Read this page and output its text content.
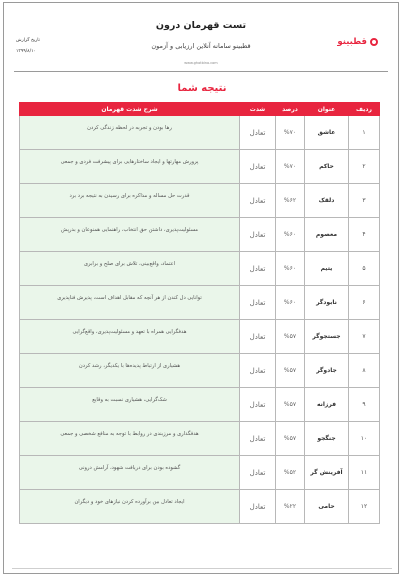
تست قهرمان درون
قطبینو سامانه آنلاین ارزیابی و آزمون
www.ghotbino.com
قطبینو
تاریخ گزارش
۱۳۹۹/۸/۱۰
نتیجه شما
ردیف	عنوان	درصد	شدت	شرح شدت قهرمان
۱	عاشق	%۷۰	تعادل	رها بودن و تجربه در لحظه زندگی کردن

۲	حاکم	%۷۰	تعادل	پرورش مهارتها و ایجاد ساختارهایی برای پیشرفت فردی و جمعی

۳	دلقک	%۶۲	تعادل	قدرت حل مساله و مذاکره برای رسیدن به نتیجه برد برد

۴	معصوم	%۶۰	تعادل	مسئولیت‌پذیری، داشتن حق انتخاب، راهنمایی همنوعان و بذرپش

۵	یتیم	%۶۰	تعادل	اعتماد، واقع‌بینی، تلاش برای صلح و برابری

۶	نابودگر	%۶۰	تعادل	توانایی دل کندن از هر آنچه که مقابل اهداف است، پذیرش فناپذیری

۷	جستجوگر	%۵۷	تعادل	هدفگرایی همراه با تعهد و مسئولیت‌پذیری، واقع‌گرایی

۸	جادوگر	%۵۷	تعادل	هشیاری از ارتباط پدیده‌ها با یکدیگر، رشد کردن

۹	فرزانه	%۵۷	تعادل	شک‌گرایی، هشیاری نسبت به وقایع

۱۰	جنگجو	%۵۷	تعادل	هدفگذاری و مرزبندی در روابط با توجه به منافع شخصی و جمعی

۱۱	آفرینش گر	%۵۲	تعادل	گشوده بودن برای دریافت شهود، آرامش درونی

۱۲	حامی	%۲۲	تعادل	ایجاد تعادل بین برآورده کردن نیازهای خود و دیگران
